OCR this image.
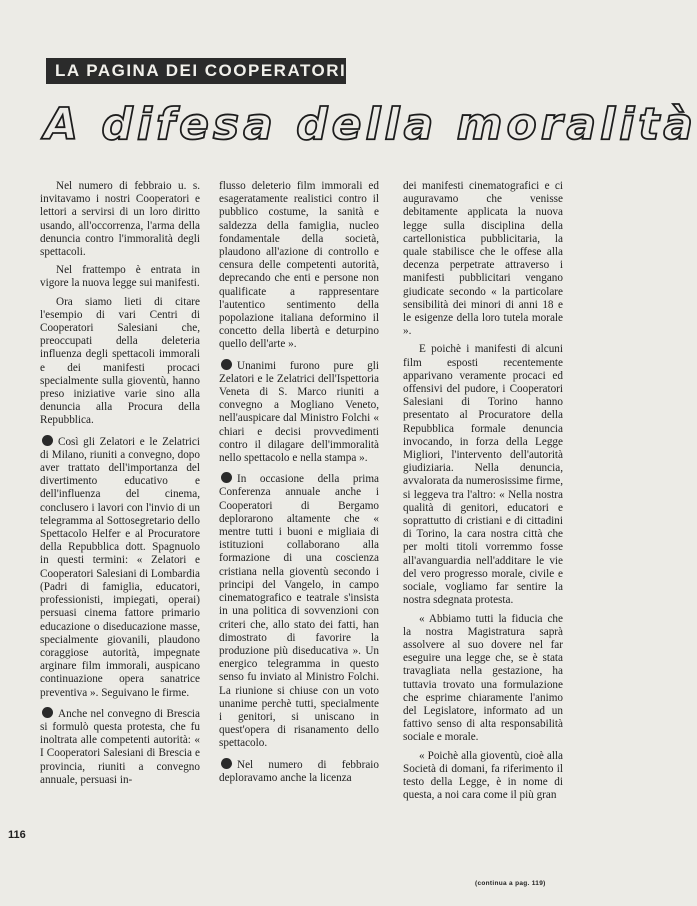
LA PAGINA DEI COOPERATORI
A difesa della moralità

Nel numero di febbraio u. s. invitavamo i nostri Cooperatori e lettori a servirsi di un loro diritto usando, all'occorrenza, l'arma della denuncia contro l'immoralità degli spettacoli.

Nel frattempo è entrata in vigore la nuova legge sui manifesti.

Ora siamo lieti di citare l'esempio di vari Centri di Cooperatori Salesiani che, preoccupati della deleteria influenza degli spettacoli immorali e dei manifesti procaci specialmente sulla gioventù, hanno preso iniziative varie sino alla denuncia alla Procura della Repubblica.

Così gli Zelatori e le Zelatrici di Milano, riuniti a convegno, dopo aver trattato dell'importanza del divertimento educativo e dell'influenza del cinema, conclusero i lavori con l'invio di un telegramma al Sottosegretario dello Spettacolo Helfer e al Procuratore della Repubblica dott. Spagnuolo in questi termini: « Zelatori e Cooperatori Salesiani di Lombardia (Padri di famiglia, educatori, professionisti, impiegati, operai) persuasi cinema fattore primario educazione o diseducazione masse, specialmente giovanili, plaudono coraggiose autorità, impegnate arginare film immorali, auspicano continuazione opera sanatrice preventiva ». Seguivano le firme.

Anche nel convegno di Brescia si formulò questa protesta, che fu inoltrata alle competenti autorità: « I Cooperatori Salesiani di Brescia e provincia, riuniti a convegno annuale, persuasi in-

flusso deleterio film immorali ed esageratamente realistici contro il pubblico costume, la sanità e saldezza della famiglia, nucleo fondamentale della società, plaudono all'azione di controllo e censura delle competenti autorità, deprecando che enti e persone non qualificate a rappresentare l'autentico sentimento della popolazione italiana deformino il concetto della libertà e deturpino quello dell'arte ».

Unanimi furono pure gli Zelatori e le Zelatrici dell'Ispettoria Veneta di S. Marco riuniti a convegno a Mogliano Veneto, nell'auspicare dal Ministro Folchi « chiari e decisi provvedimenti contro il dilagare dell'immoralità nello spettacolo e nella stampa ».

In occasione della prima Conferenza annuale anche i Cooperatori di Bergamo deplorarono altamente che « mentre tutti i buoni e migliaia di istituzioni collaborano alla formazione di una coscienza cristiana nella gioventù secondo i principi del Vangelo, in campo cinematografico e teatrale s'insista in una politica di sovvenzioni con criteri che, allo stato dei fatti, han dimostrato di favorire la produzione più diseducativa ». Un energico telegramma in questo senso fu inviato al Ministro Folchi. La riunione si chiuse con un voto unanime perchè tutti, specialmente i genitori, si uniscano in quest'opera di risanamento dello spettacolo.

Nel numero di febbraio deploravamo anche la licenza

dei manifesti cinematografici e ci auguravamo che venisse debitamente applicata la nuova legge sulla disciplina della cartellonistica pubblicitaria, la quale stabilisce che le offese alla decenza perpetrate attraverso i manifesti pubblicitari vengano giudicate secondo « la particolare sensibilità dei minori di anni 18 e le esigenze della loro tutela morale ».

E poichè i manifesti di alcuni film esposti recentemente apparivano veramente procaci ed offensivi del pudore, i Cooperatori Salesiani di Torino hanno presentato al Procuratore della Repubblica formale denuncia invocando, in forza della Legge Migliori, l'intervento dell'autorità giudiziaria. Nella denuncia, avvalorata da numerosissime firme, si leggeva tra l'altro: « Nella nostra qualità di genitori, educatori e soprattutto di cristiani e di cittadini di Torino, la cara nostra città che per molti titoli vorremmo fosse all'avanguardia nell'additare le vie del vero progresso morale, civile e sociale, vogliamo far sentire la nostra sdegnata protesta.

« Abbiamo tutti la fiducia che la nostra Magistratura saprà assolvere al suo dovere nel far eseguire una legge che, se è stata travagliata nella gestazione, ha tuttavia trovato una formulazione che esprime chiaramente l'animo del Legislatore, informato ad un fattivo senso di alta responsabilità sociale e morale.

« Poichè alla gioventù, cioè alla Società di domani, fa riferimento il testo della Legge, è in nome di questa, a noi cara come il più gran

116
(continua a pag. 119)
